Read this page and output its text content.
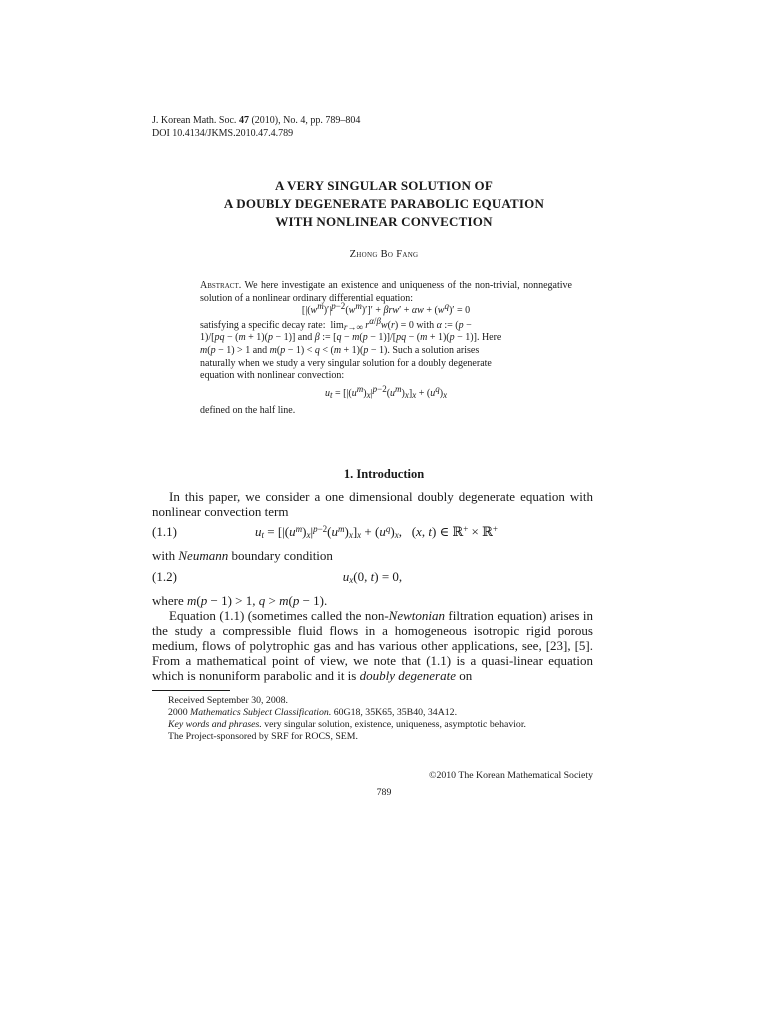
J. Korean Math. Soc. 47 (2010), No. 4, pp. 789–804
DOI 10.4134/JKMS.2010.47.4.789
A VERY SINGULAR SOLUTION OF
A DOUBLY DEGENERATE PARABOLIC EQUATION
WITH NONLINEAR CONVECTION
Zhong Bo Fang
Abstract. We here investigate an existence and uniqueness of the non-trivial, nonnegative solution of a nonlinear ordinary differential equation:
$[|(w^m)'|^{p-2}(w^m)']' + \beta rw' + \alpha w + (w^q)' = 0$
satisfying a specific decay rate:  $\lim_{r\to\infty} r^{\alpha/\beta}w(r) = 0$ with α := (p −
1)/[pq − (m + 1)(p − 1)] and β := [q − m(p − 1)]/[pq − (m + 1)(p − 1)]. Here
m(p − 1) > 1 and m(p − 1) < q < (m + 1)(p − 1). Such a solution arises
naturally when we study a very singular solution for a doubly degenerate
equation with nonlinear convection:
$u_t = [|(u^m)_x|^{p-2}(u^m)_x]_x + (u^q)_x$
defined on the half line.
1. Introduction
In this paper, we consider a one dimensional doubly degenerate equation with nonlinear convection term
(1.1)	$u_t = [|(u^m)_x|^{p-2}(u^m)_x]_x + (u^q)_x$,   (x, t) ∈ ℝ+ × ℝ+
with Neumann boundary condition
(1.2)	$u_x(0$, t) = 0,
where m(p − 1) > 1, q > m(p − 1).
Equation (1.1) (sometimes called the non-Newtonian filtration equation) arises in the study a compressible fluid flows in a homogeneous isotropic rigid porous medium, flows of polytrophic gas and has various other applications, see, [23], [5]. From a mathematical point of view, we note that (1.1) is a quasi-linear equation which is nonuniform parabolic and it is doubly degenerate on
Received September 30, 2008.
2000 Mathematics Subject Classification. 60G18, 35K65, 35B40, 34A12.
Key words and phrases. very singular solution, existence, uniqueness, asymptotic behavior.
The Project-sponsored by SRF for ROCS, SEM.
©2010 The Korean Mathematical Society
789
